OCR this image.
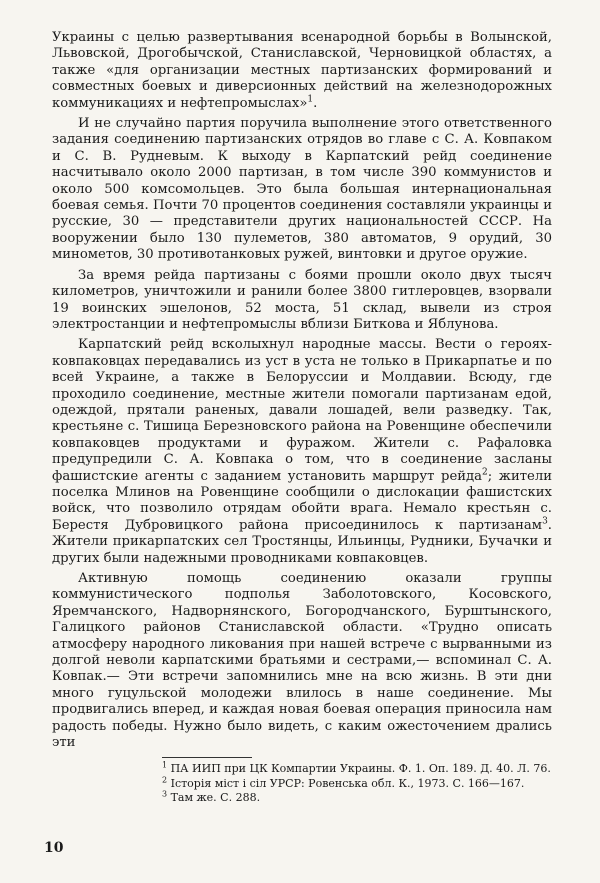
Украины с целью развертывания всенародной борьбы в Волынской, Львовской, Дрогобычской, Станиславской, Черновицкой областях, а также «для организации местных партизанских формирований и совместных боевых и диверсионных действий на железнодорожных коммуникациях и нефтепромыслах»$^1$.

И не случайно партия поручила выполнение этого ответственного задания соединению партизанских отрядов во главе с С. А. Ковпаком и С. В. Рудневым. К выходу в Карпатский рейд соединение насчитывало около 2000 партизан, в том числе 390 коммунистов и около 500 комсомольцев. Это была большая интернациональная боевая семья. Почти 70 процентов соединения составляли украинцы и русские, 30 — представители других национальностей СССР. На вооружении было 130 пулеметов, 380 автоматов, 9 орудий, 30 минометов, 30 противотанковых ружей, винтовки и другое оружие.

За время рейда партизаны с боями прошли около двух тысяч километров, уничтожили и ранили более 3800 гитлеровцев, взорвали 19 воинских эшелонов, 52 моста, 51 склад, вывели из строя электростанции и нефтепромыслы вблизи Биткова и Яблунова.

Карпатский рейд всколыхнул народные массы. Вести о героях-ковпаковцах передавались из уст в уста не только в Прикарпатье и по всей Украине, а также в Белоруссии и Молдавии. Всюду, где проходило соединение, местные жители помогали партизанам едой, одеждой, прятали раненых, давали лошадей, вели разведку. Так, крестьяне с. Тишица Березновского района на Ровенщине обеспечили ковпаковцев продуктами и фуражом. Жители с. Рафаловка предупредили С. А. Ковпака о том, что в соединение засланы фашистские агенты с заданием установить маршрут рейда$^2$; жители поселка Млинов на Ровенщине сообщили о дислокации фашистских войск, что позволило отрядам обойти врага. Немало крестьян с. Берестя Дубровицкого района присоединилось к партизанам$^3$. Жители прикарпатских сел Тростянцы, Ильинцы, Рудники, Бучачки и других были надежными проводниками ковпаковцев.

Активную помощь соединению оказали группы коммунистического подполья Заболотовского, Косовского, Яремчанского, Надворнянского, Богородчанского, Бурштынского, Галицкого районов Станиславской области. «Трудно описать атмосферу народного ликования при нашей встрече с вырванными из долгой неволи карпатскими братьями и сестрами,— вспоминал С. А. Ковпак.— Эти встречи запомнились мне на всю жизнь. В эти дни много гуцульской молодежи влилось в наше соединение. Мы продвигались вперед, и каждая новая боевая операция приносила нам радость победы. Нужно было видеть, с каким ожесточением дрались эти

$^1$ ПА ИИП при ЦК Компартии Украины. Ф. 1. Оп. 189. Д. 40. Л. 76.

$^2$ Історія міст і сіл УРСР: Ровенська обл. К., 1973. С. 166—167.

$^3$ Там же. С. 288.

10
